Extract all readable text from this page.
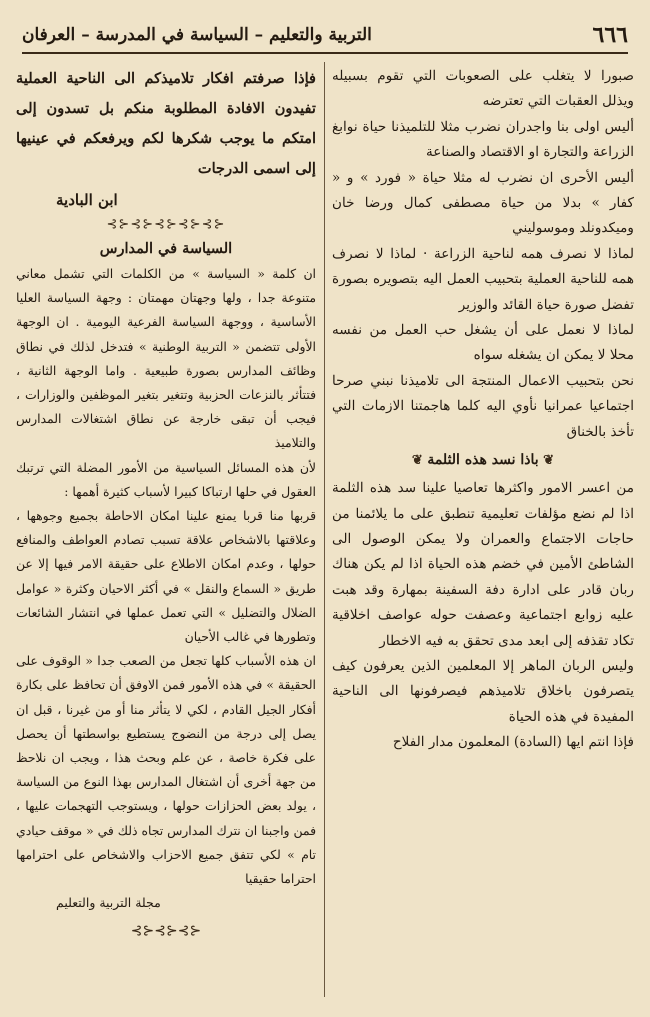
٦٦٦
التربية والتعليم – السياسة في المدرسة – العرفان

صبورا لا يتغلب على الصعوبات التي تقوم بسبيله ويذلل العقبات التي تعترضه

أليس اولى بنا واجدران نضرب مثلا للتلميذنا حياة نوابغ الزراعة والتجارة او الاقتصاد والصناعة

أليس الأحرى ان نضرب له مثلا حياة « فورد » و « كفار » بدلا من حياة مصطفى كمال ورضا خان وميكدونلد وموسوليني

لماذا لا نصرف همه لناحية الزراعة · لماذا لا نصرف همه للناحية العملية بتحبيب العمل اليه بتصويره بصورة تفضل صورة حياة القائد والوزير

لماذا لا نعمل على أن يشغل حب العمل من نفسه محلا لا يمكن ان يشغله سواه

نحن بتحبيب الاعمال المنتجة الى تلاميذنا نبني صرحا اجتماعيا عمرانيا نأوي اليه كلما هاجمتنا الازمات التي تأخذ بالخناق

❦ باذا نسد هذه الثلمة ❦

من اعسر الامور واكثرها تعاصيا علينا سد هذه الثلمة اذا لم نضع مؤلفات تعليمية تنطبق على ما يلائمنا من حاجات الاجتماع والعمران ولا يمكن الوصول الى الشاطئ الأمين في خضم هذه الحياة اذا لم يكن هناك ربان قادر على ادارة دفة السفينة بمهارة وقد هبت عليه زوابع اجتماعية وعصفت حوله عواصف اخلاقية تكاد تقذفه إلى ابعد مدى تحقق به فيه الاخطار

وليس الربان الماهر إلا المعلمين الذين يعرفون كيف يتصرفون باخلاق تلاميذهم فيصرفونها الى الناحية المفيدة في هذه الحياة

فإذا انتم ايها (السادة) المعلمون مدار الفلاح

فإذا صرفتم افكار تلاميذكم الى الناحية العملية تفيدون الافادة المطلوبة منكم بل تسدون إلى امتكم ما يوجب شكرها لكم ويرفعكم في عينيها إلى اسمى الدرجات

ابن البادية

⊰⊱⊰⊱⊰⊱⊰⊱⊰⊱

السياسة في المدارس

ان كلمة « السياسة » من الكلمات التي تشمل معاني متنوعة جدا ، ولها وجهتان مهمتان : وجهة السياسة العليا الأساسية ، ووجهة السياسة الفرعية اليومية . ان الوجهة الأولى تتضمن « التربية الوطنية » فتدخل لذلك في نطاق وظائف المدارس بصورة طبيعية . واما الوجهة الثانية ، فتتأثر بالنزعات الحزبية وتتغير بتغير الموظفين والوزارات ، فيجب أن تبقى خارجة عن نطاق اشتغالات المدارس والتلاميذ

لأن هذه المسائل السياسية من الأمور المضلة التي ترتبك العقول في حلها ارتباكا كبيرا لأسباب كثيرة أهمها :

قربها منا قربا يمنع علينا امكان الاحاطة بجميع وجوهها ، وعلاقتها بالاشخاص علاقة تسبب تصادم العواطف والمنافع حولها ، وعدم امكان الاطلاع على حقيقة الامر فيها إلا عن طريق « السماع والنقل » في أكثر الاحيان وكثرة « عوامل الضلال والتضليل » التي تعمل عملها في انتشار الشائعات وتطورها في غالب الأحيان

ان هذه الأسباب كلها تجعل من الصعب جدا « الوقوف على الحقيقة » في هذه الأمور فمن الاوفق أن تحافظ على بكارة أفكار الجيل القادم ، لكي لا يتأثر منا أو من غيرنا ، قبل ان يصل إلى درجة من النضوج يستطيع بواسطتها أن يحصل على فكرة خاصة ، عن علم وبحث هذا ، ويجب ان نلاحظ من جهة أخرى أن اشتغال المدارس بهذا النوع من السياسة ، يولد بعض الحزازات حولها ، ويستوجب التهجمات عليها ، فمن واجبنا ان نترك المدارس تجاه ذلك في « موقف حيادي تام » لكي تتفق جميع الاحزاب والاشخاص على احترامها احتراما حقيقيا

مجلة التربية والتعليم

⊰⊱⊰⊱⊰⊱
